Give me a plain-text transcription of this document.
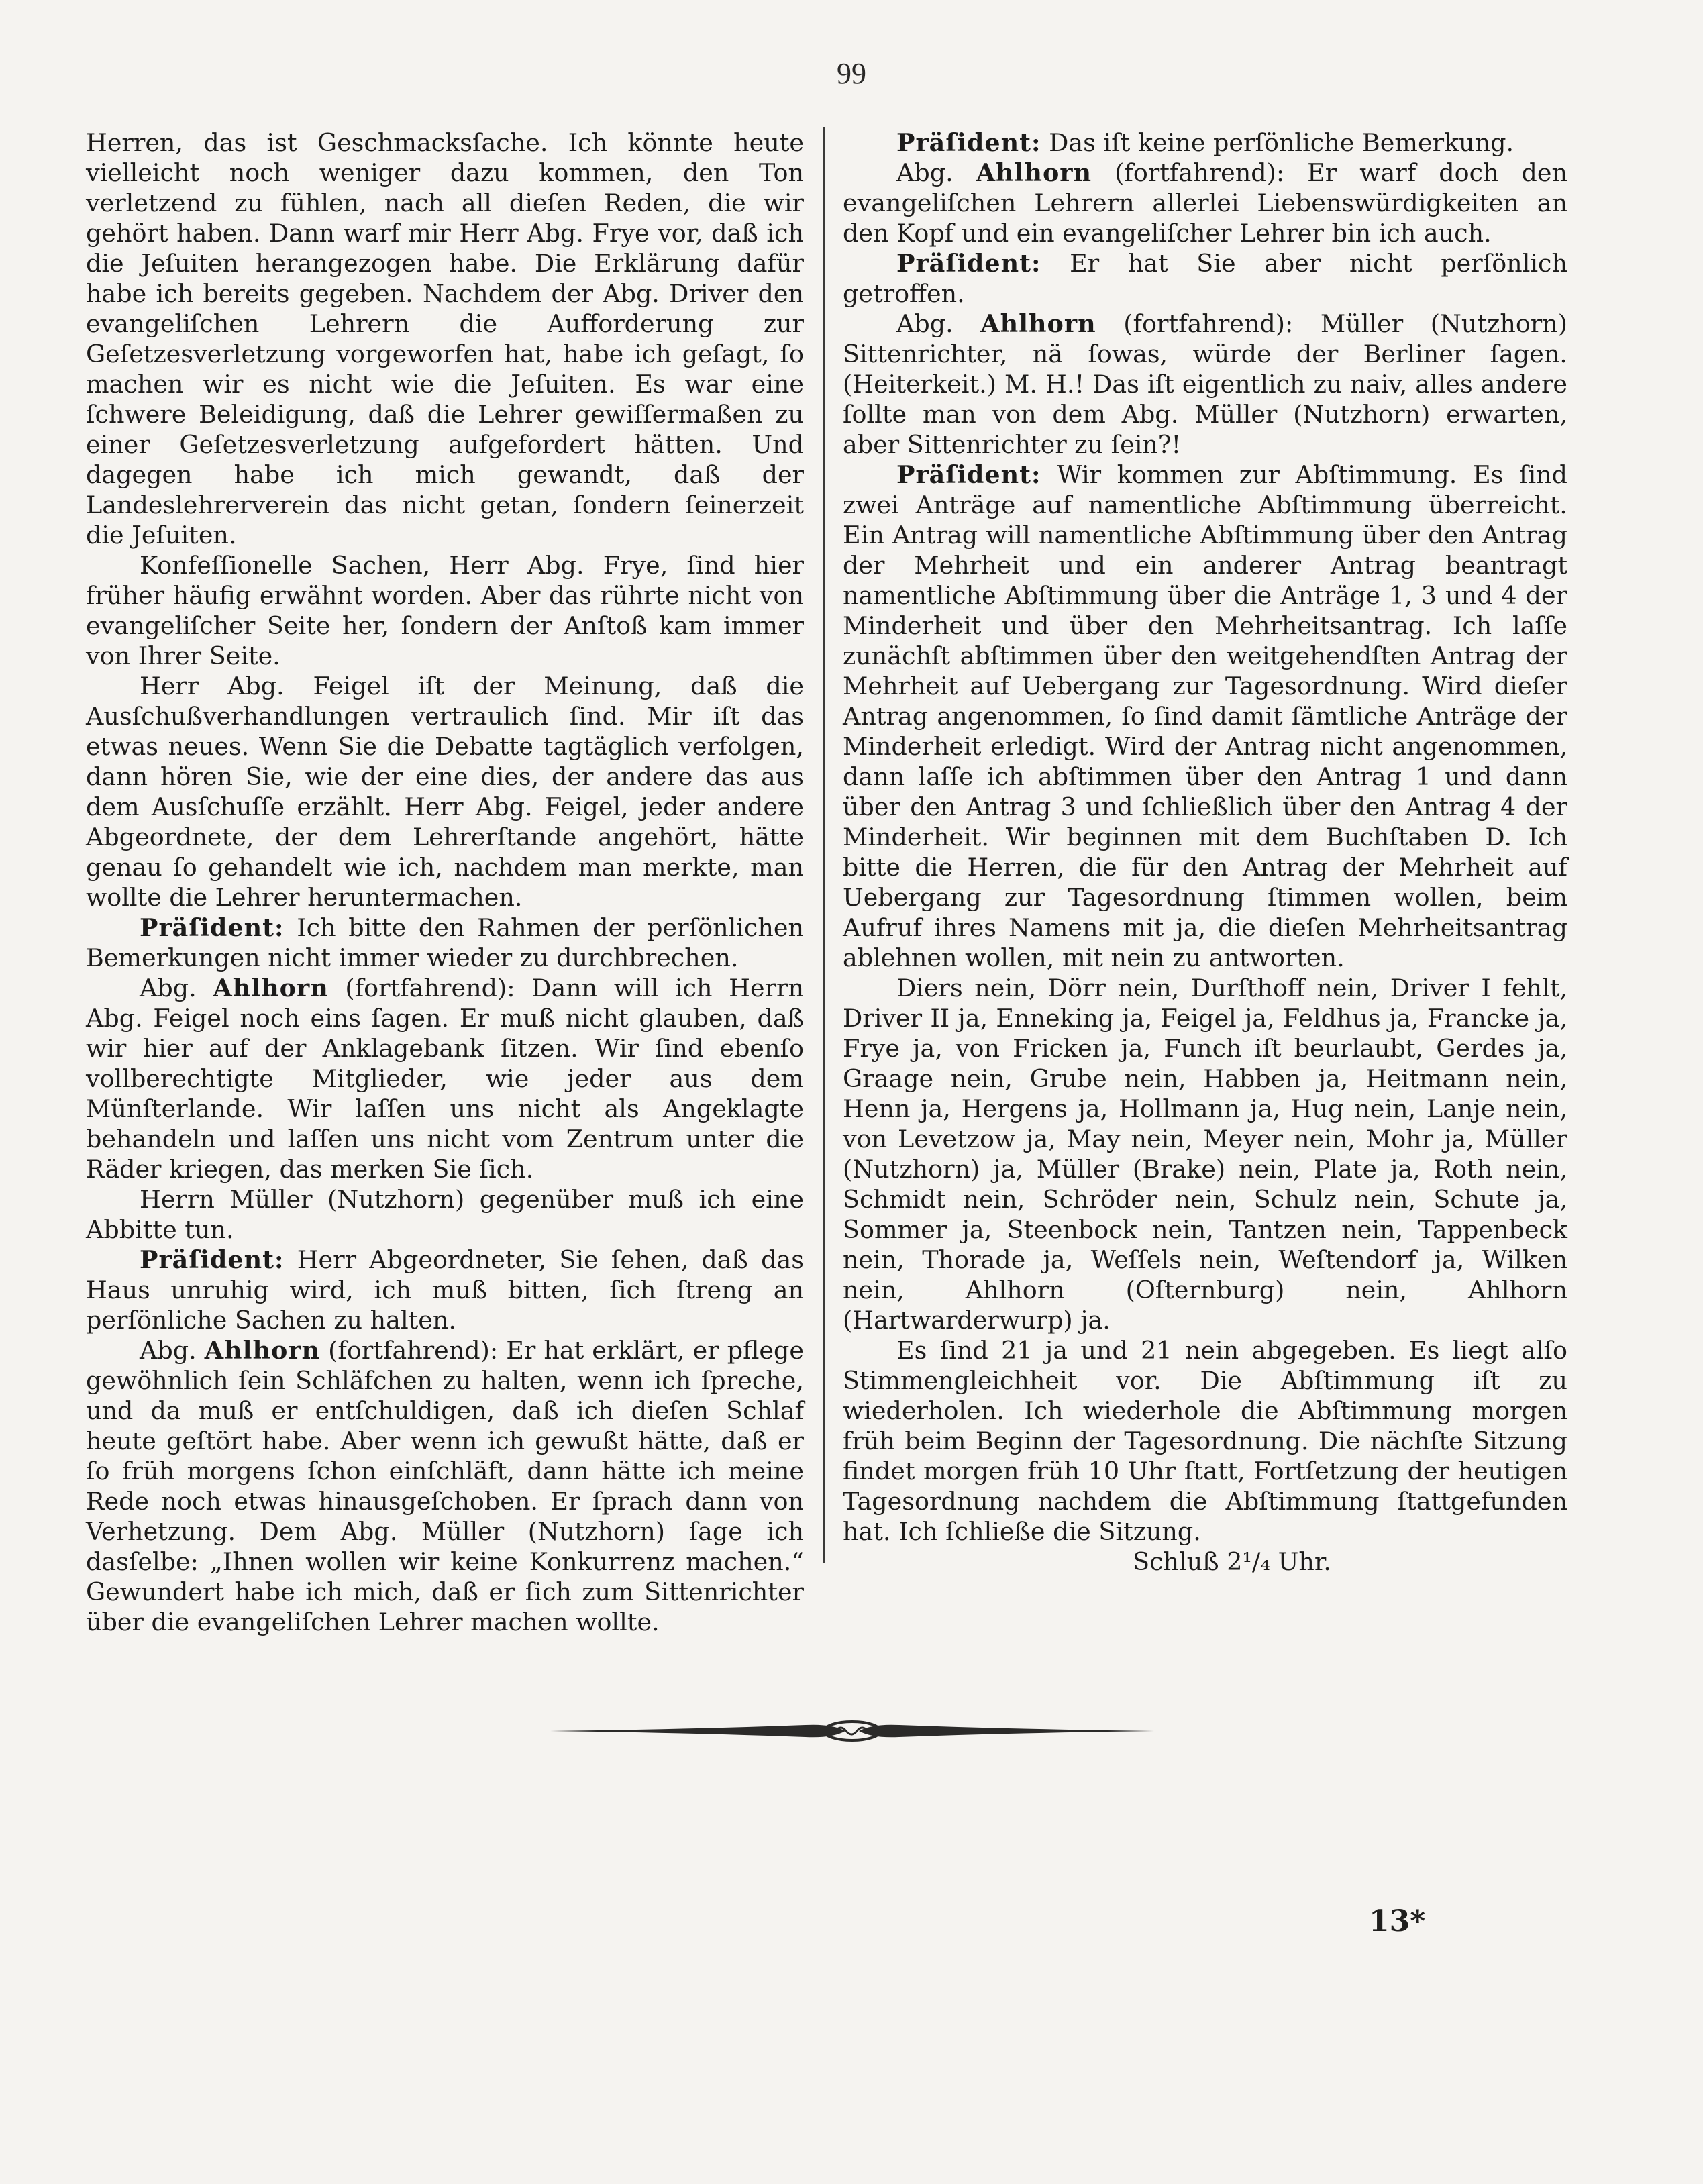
99

Herren, das ist Geschmacksſache. Ich könnte heute vielleicht noch weniger dazu kommen, den Ton verletzend zu fühlen, nach all dieſen Reden, die wir gehört haben. Dann warf mir Herr Abg. Frye vor, daß ich die Jeſuiten herangezogen habe. Die Erklärung dafür habe ich bereits gegeben. Nachdem der Abg. Driver den evangeliſchen Lehrern die Aufforderung zur Geſetzesverletzung vorgeworfen hat, habe ich geſagt, ſo machen wir es nicht wie die Jeſuiten. Es war eine ſchwere Beleidigung, daß die Lehrer gewiſſermaßen zu einer Geſetzesverletzung aufgefordert hätten. Und dagegen habe ich mich gewandt, daß der Landeslehrerverein das nicht getan, ſondern ſeinerzeit die Jeſuiten.

Konfeſſionelle Sachen, Herr Abg. Frye, ſind hier früher häufig erwähnt worden. Aber das rührte nicht von evangeliſcher Seite her, ſondern der Anſtoß kam immer von Ihrer Seite.

Herr Abg. Feigel iſt der Meinung, daß die Ausſchußverhandlungen vertraulich ſind. Mir iſt das etwas neues. Wenn Sie die Debatte tagtäglich verfolgen, dann hören Sie, wie der eine dies, der andere das aus dem Ausſchuſſe erzählt. Herr Abg. Feigel, jeder andere Abgeordnete, der dem Lehrerſtande angehört, hätte genau ſo gehandelt wie ich, nachdem man merkte, man wollte die Lehrer heruntermachen.

Präſident: Ich bitte den Rahmen der perſönlichen Bemerkungen nicht immer wieder zu durchbrechen.

Abg. Ahlhorn (fortfahrend): Dann will ich Herrn Abg. Feigel noch eins ſagen. Er muß nicht glauben, daß wir hier auf der Anklagebank ſitzen. Wir ſind ebenſo vollberechtigte Mitglieder, wie jeder aus dem Münſterlande. Wir laſſen uns nicht als Angeklagte behandeln und laſſen uns nicht vom Zentrum unter die Räder kriegen, das merken Sie ſich.

Herrn Müller (Nutzhorn) gegenüber muß ich eine Abbitte tun.

Präſident: Herr Abgeordneter, Sie ſehen, daß das Haus unruhig wird, ich muß bitten, ſich ſtreng an perſönliche Sachen zu halten.

Abg. Ahlhorn (fortfahrend): Er hat erklärt, er pflege gewöhnlich ſein Schläfchen zu halten, wenn ich ſpreche, und da muß er entſchuldigen, daß ich dieſen Schlaf heute geſtört habe. Aber wenn ich gewußt hätte, daß er ſo früh morgens ſchon einſchläft, dann hätte ich meine Rede noch etwas hinausgeſchoben. Er ſprach dann von Verhetzung. Dem Abg. Müller (Nutzhorn) ſage ich dasſelbe: „Ihnen wollen wir keine Konkurrenz machen.“ Gewundert habe ich mich, daß er ſich zum Sittenrichter über die evangeliſchen Lehrer machen wollte.

Präſident: Das iſt keine perſönliche Bemerkung.

Abg. Ahlhorn (fortfahrend): Er warf doch den evangeliſchen Lehrern allerlei Liebenswürdigkeiten an den Kopf und ein evangeliſcher Lehrer bin ich auch.

Präſident: Er hat Sie aber nicht perſönlich getroffen.

Abg. Ahlhorn (fortfahrend): Müller (Nutzhorn) Sittenrichter, nä ſowas, würde der Berliner ſagen. (Heiterkeit.) M. H.! Das iſt eigentlich zu naiv, alles andere ſollte man von dem Abg. Müller (Nutzhorn) erwarten, aber Sittenrichter zu ſein?!

Präſident: Wir kommen zur Abſtimmung. Es ſind zwei Anträge auf namentliche Abſtimmung überreicht. Ein Antrag will namentliche Abſtimmung über den Antrag der Mehrheit und ein anderer Antrag beantragt namentliche Abſtimmung über die Anträge 1, 3 und 4 der Minderheit und über den Mehrheitsantrag. Ich laſſe zunächſt abſtimmen über den weitgehendſten Antrag der Mehrheit auf Uebergang zur Tagesordnung. Wird dieſer Antrag angenommen, ſo ſind damit ſämtliche Anträge der Minderheit erledigt. Wird der Antrag nicht angenommen, dann laſſe ich abſtimmen über den Antrag 1 und dann über den Antrag 3 und ſchließlich über den Antrag 4 der Minderheit. Wir beginnen mit dem Buchſtaben D. Ich bitte die Herren, die für den Antrag der Mehrheit auf Uebergang zur Tagesordnung ſtimmen wollen, beim Aufruf ihres Namens mit ja, die dieſen Mehrheitsantrag ablehnen wollen, mit nein zu antworten.

Diers nein, Dörr nein, Durſthoff nein, Driver I fehlt, Driver II ja, Enneking ja, Feigel ja, Feldhus ja, Francke ja, Frye ja, von Fricken ja, Funch iſt beurlaubt, Gerdes ja, Graage nein, Grube nein, Habben ja, Heitmann nein, Henn ja, Hergens ja, Hollmann ja, Hug nein, Lanje nein, von Levetzow ja, May nein, Meyer nein, Mohr ja, Müller (Nutzhorn) ja, Müller (Brake) nein, Plate ja, Roth nein, Schmidt nein, Schröder nein, Schulz nein, Schute ja, Sommer ja, Steenbock nein, Tantzen nein, Tappenbeck nein, Thorade ja, Weſſels nein, Weſtendorf ja, Wilken nein, Ahlhorn (Oſternburg) nein, Ahlhorn (Hartwarderwurp) ja.

Es ſind 21 ja und 21 nein abgegeben. Es liegt alſo Stimmengleichheit vor. Die Abſtimmung iſt zu wiederholen. Ich wiederhole die Abſtimmung morgen früh beim Beginn der Tagesordnung. Die nächſte Sitzung findet morgen früh 10 Uhr ſtatt, Fortſetzung der heutigen Tagesordnung nachdem die Abſtimmung ſtattgefunden hat. Ich ſchließe die Sitzung.

Schluß 2¹/₄ Uhr.

13*
